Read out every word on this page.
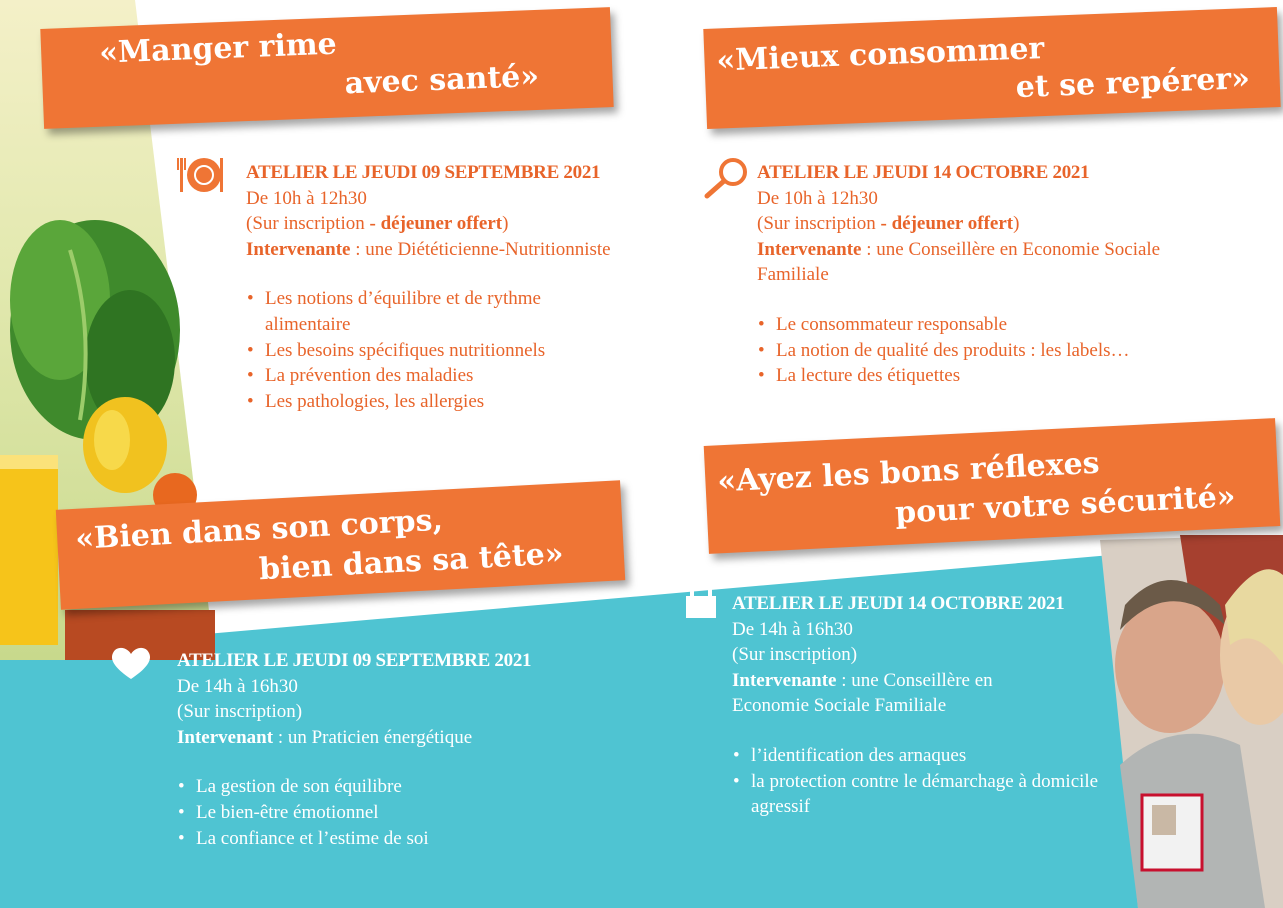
«Manger rime
avec santé»
«Mieux consommer
et se repérer»
«Bien dans son corps,
bien dans sa tête»
«Ayez les bons réflexes
pour votre sécurité»
ATELIER LE JEUDI 09 SEPTEMBRE 2021
De 10h à 12h30
(Sur inscription - déjeuner offert)
Intervenante : une Diététicienne-Nutritionniste
• Les notions d’équilibre et de rythme alimentaire
• Les besoins spécifiques nutritionnels
• La prévention des maladies
• Les pathologies, les allergies
ATELIER LE JEUDI 14 OCTOBRE 2021
De 10h à 12h30
(Sur inscription - déjeuner offert)
Intervenante : une Conseillère en Economie Sociale Familiale
• Le consommateur responsable
• La notion de qualité des produits : les labels…
• La lecture des étiquettes
ATELIER LE JEUDI 09 SEPTEMBRE 2021
De 14h à 16h30
(Sur inscription)
Intervenant : un Praticien énergétique
• La gestion de son équilibre
• Le bien-être émotionnel
• La confiance et l’estime de soi
ATELIER LE JEUDI 14 OCTOBRE 2021
De 14h à 16h30
(Sur inscription)
Intervenante : une Conseillère en Economie Sociale Familiale
• l’identification des arnaques
• la protection contre le démarchage à domicile agressif
